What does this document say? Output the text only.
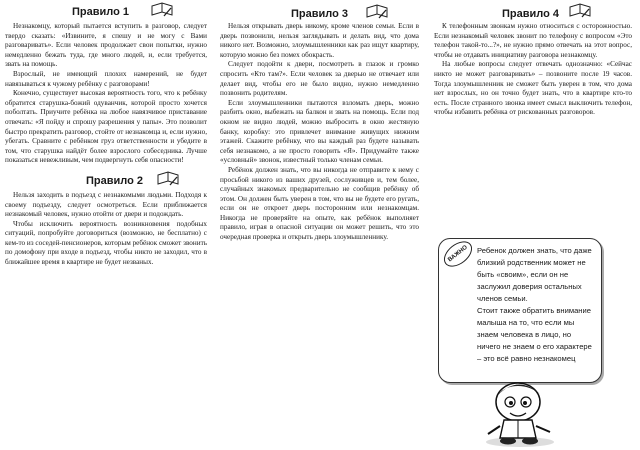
Правило 1

Незнакомцу, который пытается вступить в разговор, следует твердо сказать: «Извините, я спешу и не могу с Вами разговаривать». Если человек продолжает свои попытки, нужно немедленно бежать туда, где много людей, и, если требуется, звать на помощь.

Взрослый, не имеющий плохих намерений, не будет навязываться к чужому ребёнку с разговорами!

Конечно, существует высокая вероятность того, что к ребёнку обратится старушка-божий одуванчик, которой просто хочется поболтать. Приучите ребёнка на любое навязчивое приставание отвечать: «Я пойду и спрошу разрешения у папы». Это позволит быстро прекратить разговор, стойте от незнакомца и, если нужно, убегать. Сравните с ребёнком груз ответственности и убедите в том, что старушка найдёт более взрослого собеседника. Лучше показаться невежливым, чем подвергнуть себя опасности!

Правило 2

Нельзя заходить в подъезд с незнакомыми людьми. Подходя к своему подъезду, следует осмотреться. Если приближается незнакомый человек, нужно отойти от двери и подождать.

Чтобы исключить вероятность возникновения подобных ситуаций, попробуйте договориться (возможно, не бесплатно) с кем-то из соседей-пенсионеров, которым ребёнок сможет звонить по домофону при входе в подъезд, чтобы никто не заходил, что в ближайшее время в квартире не будет незваных.

Правило 3

Нельзя открывать дверь никому, кроме членов семьи. Если в дверь позвонили, нельзя заглядывать и делать вид, что дома никого нет. Возможно, злоумышленники как раз ищут квартиру, которую можно без помех обокрасть.

Следует подойти к двери, посмотреть в глазок и громко спросить «Кто там?». Если человек за дверью не отвечает или делает вид, чтобы его не было видно, нужно немедленно позвонить родителям.

Если злоумышленники пытаются взломать дверь, можно разбить окно, выбежать на балкон и звать на помощь. Если под окном не видно людей, можно выбросить в окно жестяную банку, коробку: это привлечет внимание живущих нижним этажей. Скажите ребёнку, что вы каждый раз будете называть себя незнакомо, а не просто говорить «Я». Придумайте также «условный» звонок, известный только членам семьи.

Ребёнок должен знать, что вы никогда не отправите к нему с просьбой никого из ваших друзей, сослуживцев и, тем более, случайных знакомых предварительно не сообщив ребёнку об этом. Он должен быть уверен в том, что вы не будете его ругать, если он не откроет дверь посторонним или незнакомцам. Никогда не проверяйте на опыте, как ребёнок выполняет правило, играя в опасной ситуации он может решить, что это очередная проверка и открыть дверь злоумышленнику.

Правило 4

К телефонным звонкам нужно относиться с осторожностью. Если незнакомый человек звонит по телефону с вопросом «Это телефон такой-то...?», не нужно прямо отвечать на этот вопрос, чтобы не отдавать инициативу разговора незнакомцу.

На любые вопросы следует отвечать однозначно: «Сейчас никто не может разговаривать» – позвоните после 19 часов. Тогда злоумышленник не сможет быть уверен в том, что дома нет взрослых, но он точно будет знать, что в квартире кто-то есть. После странного звонка имеет смысл выключить телефон, чтобы избавить ребёнка от рискованных разговоров.

Ребенок должен знать, что даже близкий родственник может не быть «своим», если он не заслужил доверия остальных членов семьи.

Стоит также обратить внимание малыша на то, что если мы знаем человека в лицо, но ничего не знаем о его характере – это всё равно незнакомец

ВАЖНО
